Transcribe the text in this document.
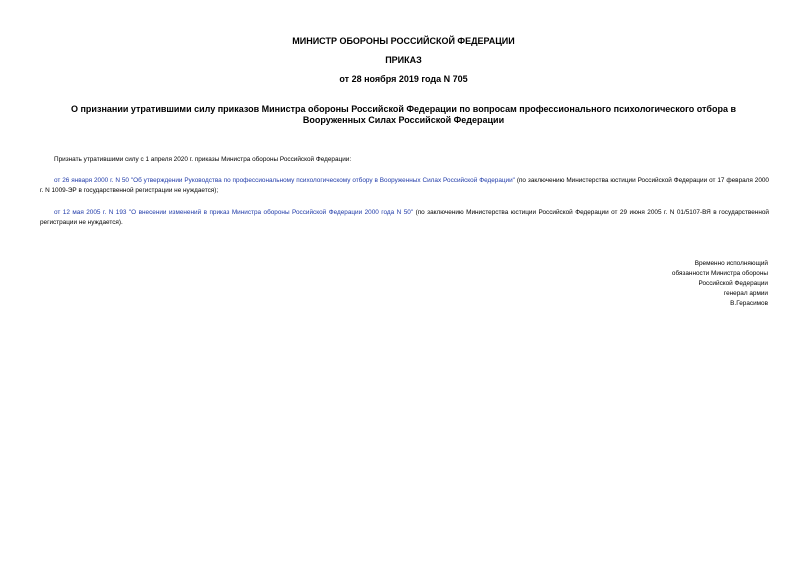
МИНИСТР ОБОРОНЫ РОССИЙСКОЙ ФЕДЕРАЦИИ
ПРИКАЗ
от 28 ноября 2019 года N 705
О признании утратившими силу приказов Министра обороны Российской Федерации по вопросам профессионального психологического отбора в Вооруженных Силах Российской Федерации
Признать утратившими силу с 1 апреля 2020 г. приказы Министра обороны Российской Федерации:
от 26 января 2000 г. N 50 "Об утверждении Руководства по профессиональному психологическому отбору в Вооруженных Силах Российской Федерации" (по заключению Министерства юстиции Российской Федерации от 17 февраля 2000 г. N 1009-ЭР в государственной регистрации не нуждается);
от 12 мая 2005 г. N 193 "О внесении изменений в приказ Министра обороны Российской Федерации 2000 года N 50" (по заключению Министерства юстиции Российской Федерации от 29 июня 2005 г. N 01/5107-ВЯ в государственной регистрации не нуждается).
Временно исполняющий
обязанности Министра обороны
Российской Федерации
генерал армии
В.Герасимов
